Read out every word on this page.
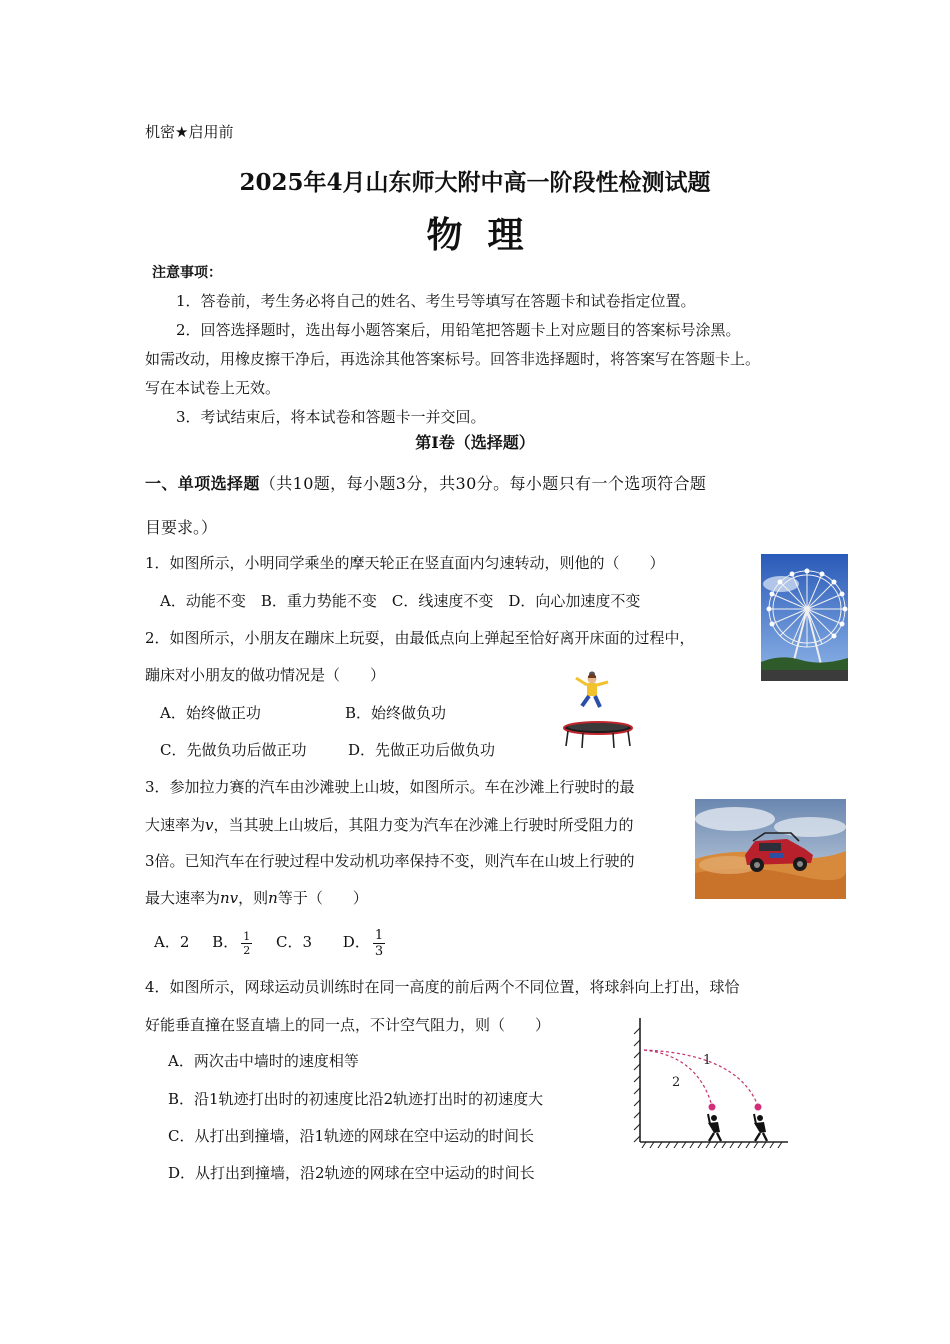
机密★启用前
2025年4月山东师大附中高一阶段性检测试题
物  理
注意事项：
1．答卷前，考生务必将自己的姓名、考生号等填写在答题卡和试卷指定位置。
2．回答选择题时，选出每小题答案后，用铅笔把答题卡上对应题目的答案标号涂黑。
如需改动，用橡皮擦干净后，再选涂其他答案标号。回答非选择题时，将答案写在答题卡上。
写在本试卷上无效。
3．考试结束后，将本试卷和答题卡一并交回。
第Ⅰ卷（选择题）
一、单项选择题（共10题，每小题3分，共30分。每小题只有一个选项符合题
目要求。）
1．如图所示，小明同学乘坐的摩天轮正在竖直面内匀速转动，则他的（　　）
A．动能不变　B．重力势能不变　C．线速度不变　D．向心加速度不变
2．如图所示，小朋友在蹦床上玩耍，由最低点向上弹起至恰好离开床面的过程中，
蹦床对小朋友的做功情况是（　　）
A．始终做正功	B．始终做负功
C．先做负功后做正功	D．先做正功后做负功
3．参加拉力赛的汽车由沙滩驶上山坡，如图所示。车在沙滩上行驶时的最
大速率为v，当其驶上山坡后，其阻力变为汽车在沙滩上行驶时所受阻力的
3倍。已知汽车在行驶过程中发动机功率保持不变，则汽车在山坡上行驶的
最大速率为nv，则n等于（　　）
A．2 B． $\frac{1}{2}$ C．3 D． $\frac{1}{3}$
4．如图所示，网球运动员训练时在同一高度的前后两个不同位置，将球斜向上打出，球恰
好能垂直撞在竖直墙上的同一点，不计空气阻力，则（　　）
A．两次击中墙时的速度相等
B．沿1轨迹打出时的初速度比沿2轨迹打出时的初速度大
C．从打出到撞墙，沿1轨迹的网球在空中运动的时间长
D．从打出到撞墙，沿2轨迹的网球在空中运动的时间长
1
2
